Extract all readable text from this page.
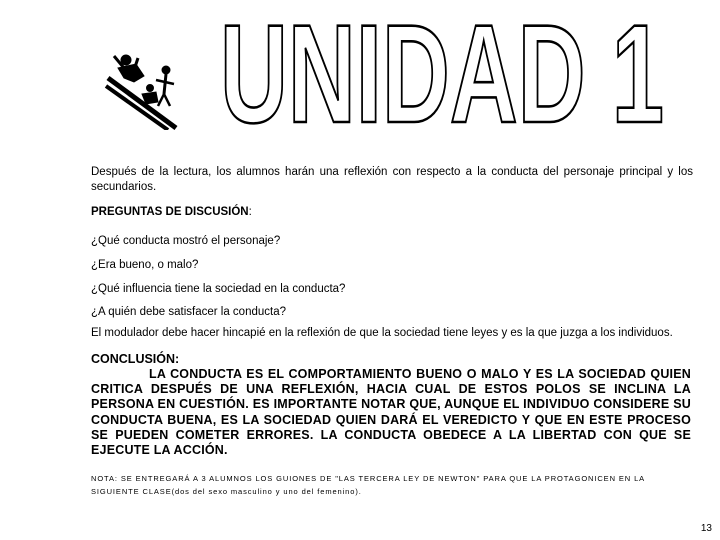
UNIDAD 1
Después de la lectura, los alumnos harán una reflexión con respecto a la conducta del personaje principal y los secundarios.
PREGUNTAS DE DISCUSIÓN:
¿Qué conducta mostró el personaje?
¿Era bueno, o malo?
¿Qué influencia tiene la sociedad en la conducta?
¿A quién debe satisfacer la conducta?
El modulador debe hacer hincapié en la reflexión de que la sociedad tiene leyes y es la que juzga a los individuos.
CONCLUSIÓN:
LA CONDUCTA ES EL COMPORTAMIENTO BUENO O MALO Y ES LA SOCIEDAD QUIEN CRITICA DESPUÉS DE UNA REFLEXIÓN, HACIA CUAL DE ESTOS POLOS SE INCLINA LA PERSONA EN CUESTIÓN. ES IMPORTANTE NOTAR QUE, AUNQUE EL INDIVIDUO CONSIDERE SU CONDUCTA BUENA, ES LA SOCIEDAD QUIEN DARÁ EL VEREDICTO Y QUE EN ESTE PROCESO SE PUEDEN COMETER ERRORES. LA CONDUCTA OBEDECE A LA LIBERTAD CON QUE SE EJECUTE LA ACCIÓN.
NOTA: SE ENTREGARÁ A 3 ALUMNOS LOS GUIONES DE "LAS TERCERA LEY DE NEWTON" PARA QUE LA PROTAGONICEN EN LA SIGUIENTE CLASE(dos del sexo masculino y uno del femenino).
13
